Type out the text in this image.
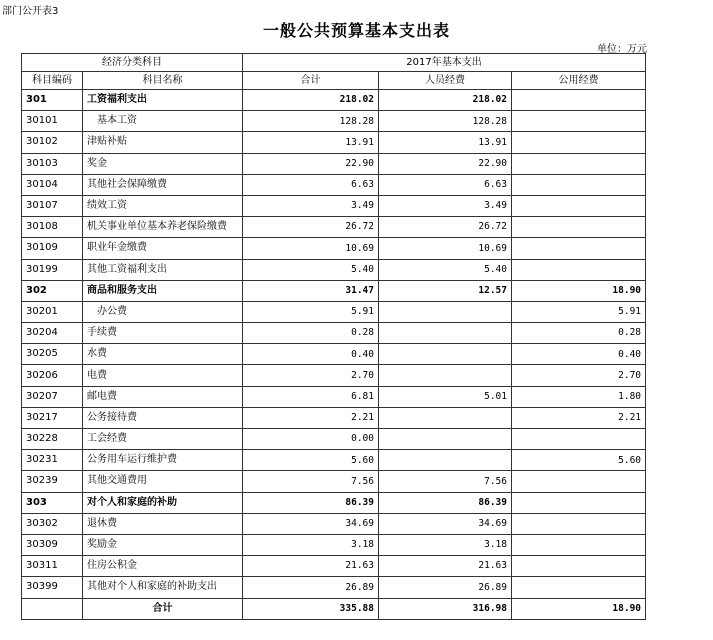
部门公开表3
一般公共预算基本支出表
单位：万元
经济分类科目		2017年基本支出		
科目编码	科目名称	合计	人员经费	公用经费
301	工资福利支出	218.02	218.02	
30101	基本工资	128.28	128.28	
30102	津贴补贴	13.91	13.91	
30103	奖金	22.90	22.90	
30104	其他社会保障缴费	6.63	6.63	
30107	绩效工资	3.49	3.49	
30108	机关事业单位基本养老保险缴费	26.72	26.72	
30109	职业年金缴费	10.69	10.69	
30199	其他工资福利支出	5.40	5.40	
302	商品和服务支出	31.47	12.57	18.90
30201	办公费	5.91		5.91
30204	手续费	0.28		0.28
30205	水费	0.40		0.40
30206	电费	2.70		2.70
30207	邮电费	6.81	5.01	1.80
30217	公务接待费	2.21		2.21
30228	工会经费	0.00		
30231	公务用车运行维护费	5.60		5.60
30239	其他交通费用	7.56	7.56	
303	对个人和家庭的补助	86.39	86.39	
30302	退休费	34.69	34.69	
30309	奖励金	3.18	3.18	
30311	住房公积金	21.63	21.63	
30399	其他对个人和家庭的补助支出	26.89	26.89	
	合计	335.88	316.98	18.90
